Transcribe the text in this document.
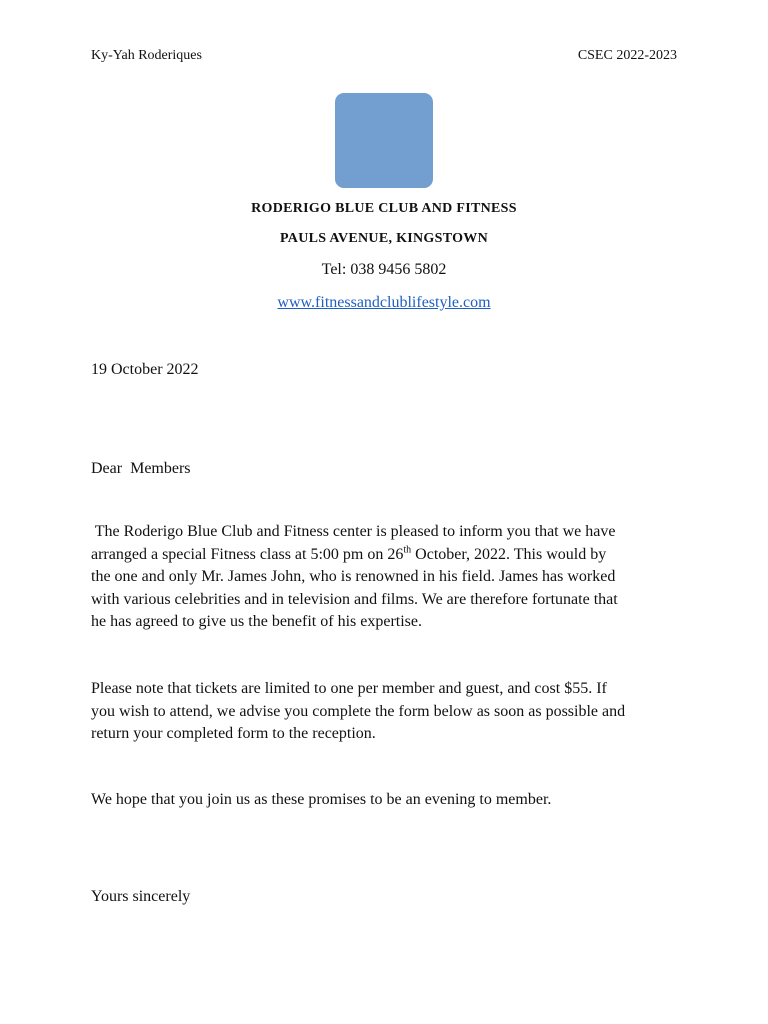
Ky-Yah Roderiques	CSEC 2022-2023
RODERIGO BLUE CLUB AND FITNESS
PAULS AVENUE, KINGSTOWN
Tel: 038 9456 5802
www.fitnessandclublifestyle.com
19 October 2022
Dear  Members
The Roderigo Blue Club and Fitness center is pleased to inform you that we have
arranged a special Fitness class at 5:00 pm on 26th October, 2022. This would by
the one and only Mr. James John, who is renowned in his field. James has worked
with various celebrities and in television and films. We are therefore fortunate that
he has agreed to give us the benefit of his expertise.
Please note that tickets are limited to one per member and guest, and cost $55. If
you wish to attend, we advise you complete the form below as soon as possible and
return your completed form to the reception.
We hope that you join us as these promises to be an evening to member.
Yours sincerely
